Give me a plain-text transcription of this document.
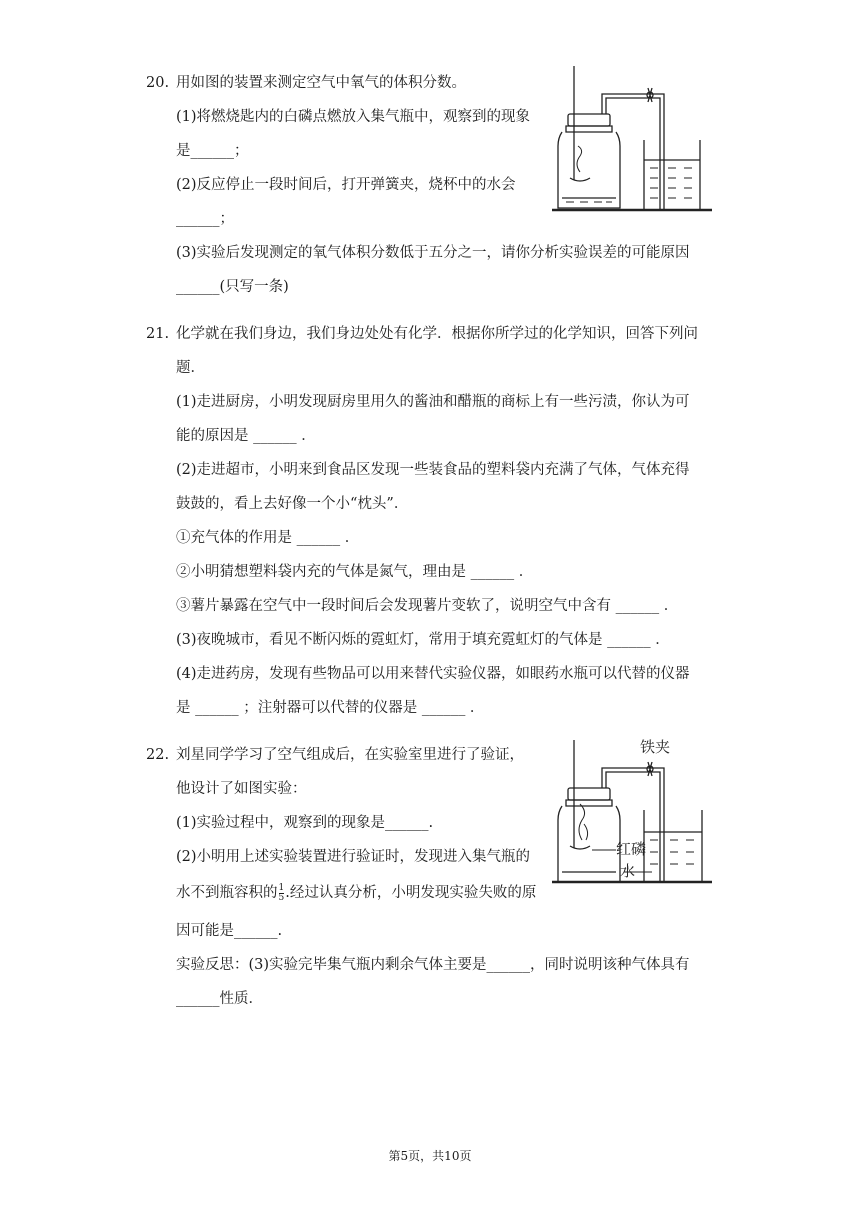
20. 用如图的装置来测定空气中氧气的体积分数。
(1)将燃烧匙内的白磷点燃放入集气瓶中，观察到的现象
是______；
(2)反应停止一段时间后，打开弹簧夹，烧杯中的水会
______；
(3)实验后发现测定的氧气体积分数低于五分之一，请你分析实验误差的可能原因
______(只写一条)
21. 化学就在我们身边，我们身边处处有化学．根据你所学过的化学知识，回答下列问
题．
(1)走进厨房，小明发现厨房里用久的酱油和醋瓶的商标上有一些污渍，你认为可
能的原因是 ______ ．
(2)走进超市，小明来到食品区发现一些装食品的塑料袋内充满了气体，气体充得
鼓鼓的，看上去好像一个小“枕头”．
①充气体的作用是 ______ ．
②小明猜想塑料袋内充的气体是氮气，理由是 ______ ．
③薯片暴露在空气中一段时间后会发现薯片变软了，说明空气中含有 ______ ．
(3)夜晚城市，看见不断闪烁的霓虹灯，常用于填充霓虹灯的气体是 ______ ．
(4)走进药房，发现有些物品可以用来替代实验仪器，如眼药水瓶可以代替的仪器
是 ______ ；注射器可以代替的仪器是 ______ ．
22. 刘星同学学习了空气组成后，在实验室里进行了验证，
他设计了如图实验：
(1)实验过程中，观察到的现象是______.
(2)小明用上述实验装置进行验证时，发现进入集气瓶的
水不到瓶容积的 $\frac{1}{5}$ .经过认真分析，小明发现实验失败的原
因可能是______.
实验反思：(3)实验完毕集气瓶内剩余气体主要是______，同时说明该种气体具有
______性质．
铁夹
红磷
水
第5页，共10页
